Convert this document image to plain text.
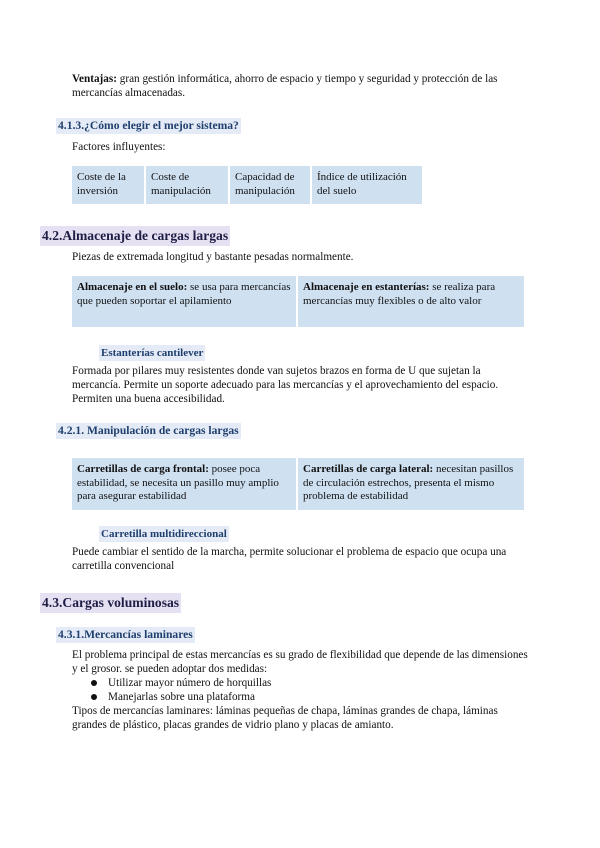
Ventajas: gran gestión informática, ahorro de espacio y tiempo y seguridad y protección de las mercancías almacenadas.
4.1.3.¿Cómo elegir el mejor sistema?
Factores influyentes:
Coste de la inversión
Coste de manipulación
Capacidad de manipulación
Índice de utilización del suelo
4.2.Almacenaje de cargas largas
Piezas de extremada longitud y bastante pesadas normalmente.
Almacenaje en el suelo: se usa para mercancías que pueden soportar el apilamiento
Almacenaje en estanterías: se realiza para mercancías muy flexibles o de alto valor
Estanterías cantilever
Formada por pilares muy resistentes donde van sujetos brazos en forma de U que sujetan la mercancía. Permite un soporte adecuado para las mercancías y el aprovechamiento del espacio. Permiten una buena accesibilidad.
4.2.1. Manipulación de cargas largas
Carretillas de carga frontal: posee poca estabilidad, se necesita un pasillo muy amplio para asegurar estabilidad
Carretillas de carga lateral: necesitan pasillos de circulación estrechos, presenta el mismo problema de estabilidad
Carretilla multidireccional
Puede cambiar el sentido de la marcha, permite solucionar el problema de espacio que ocupa una carretilla convencional
4.3.Cargas voluminosas
4.3.1.Mercancías laminares
El problema principal de estas mercancías es su grado de flexibilidad que depende de las dimensiones y el grosor. se pueden adoptar dos medidas:
Utilizar mayor número de horquillas
Manejarlas sobre una plataforma
Tipos de mercancías laminares: láminas pequeñas de chapa, láminas grandes de chapa, láminas grandes de plástico, placas grandes de vidrio plano y placas de amianto.
